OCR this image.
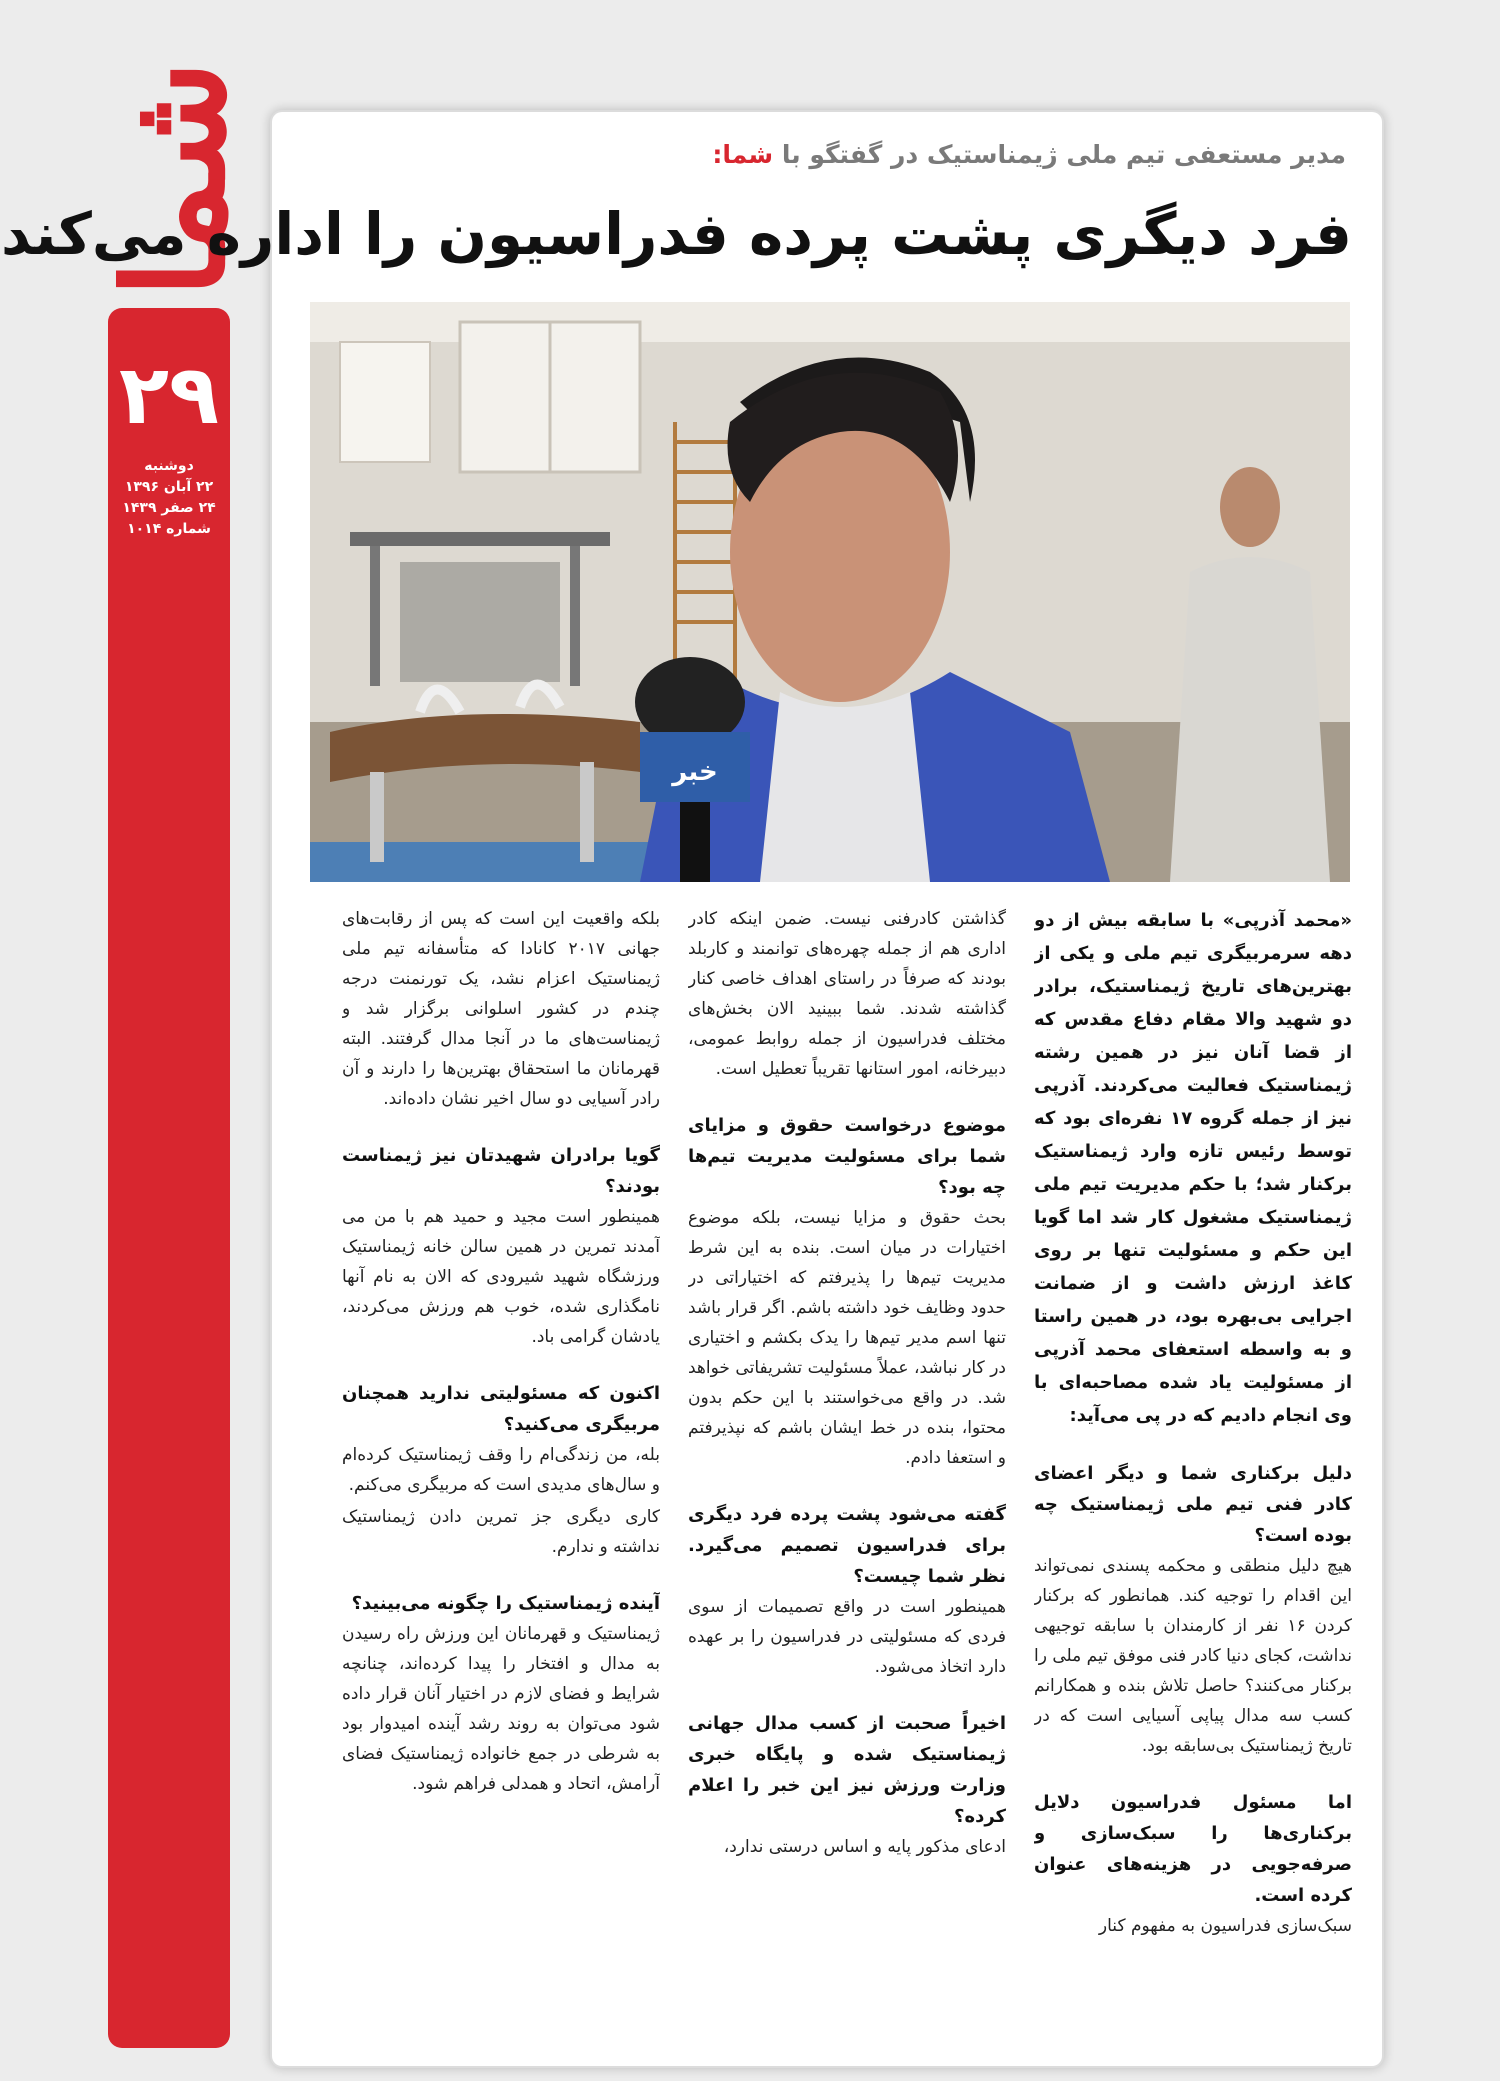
شما
۲۹
دوشنبه
۲۲ آبان ۱۳۹۶
۲۴ صفر ۱۴۳۹
شماره ۱۰۱۴
مدیر مستعفی تیم ملی ژیمناستیک در گفتگو با شما:
فرد دیگری پشت پرده فدراسیون را اداره می‌کند
خبر

«محمد آذرپی» با سابقه بیش از دو دهه سرمربیگری تیم ملی و یکی از بهترین‌های تاریخ ژیمناستیک، برادر دو شهید والا مقام دفاع مقدس که از قضا آنان نیز در همین رشته ژیمناستیک فعالیت می‌کردند. آذرپی نیز از جمله گروه ۱۷ نفره‌ای بود که توسط رئیس تازه وارد ژیمناستیک برکنار شد؛ با حکم مدیریت تیم ملی ژیمناستیک مشغول کار شد اما گویا این حکم و مسئولیت تنها بر روی کاغذ ارزش داشت و از ضمانت اجرایی بی‌بهره بود، در همین راستا و به واسطه استعفای محمد آذرپی از مسئولیت یاد شده مصاحبه‌ای با وی انجام دادیم که در پی می‌آید:

دلیل برکناری شما و دیگر اعضای کادر فنی تیم ملی ژیمناستیک چه بوده است؟

هیچ دلیل منطقی و محکمه پسندی نمی‌تواند این اقدام را توجیه کند. همانطور که برکنار کردن ۱۶ نفر از کارمندان با سابقه توجیهی نداشت، کجای دنیا کادر فنی موفق تیم ملی را برکنار می‌کنند؟ حاصل تلاش بنده و همکارانم کسب سه مدال پیاپی آسیایی است که در تاریخ ژیمناستیک بی‌سابقه بود.

اما مسئول فدراسیون دلایل برکناری‌ها را سبک‌سازی و صرفه‌جویی در هزینه‌های عنوان کرده است.

سبک‌سازی فدراسیون به مفهوم کنار

گذاشتن کادرفنی نیست. ضمن اینکه کادر اداری هم از جمله چهره‌های توانمند و کاربلد بودند که صرفاً در راستای اهداف خاصی کنار گذاشته شدند. شما ببینید الان بخش‌های مختلف فدراسیون از جمله روابط عمومی، دبیرخانه، امور استانها تقریباً تعطیل است.

موضوع درخواست حقوق و مزایای شما برای مسئولیت مدیریت تیم‌ها چه بود؟

بحث حقوق و مزایا نیست، بلکه موضوع اختیارات در میان است. بنده به این شرط مدیریت تیم‌ها را پذیرفتم که اختیاراتی در حدود وظایف خود داشته باشم. اگر قرار باشد تنها اسم مدیر تیم‌ها را یدک بکشم و اختیاری در کار نباشد، عملاً مسئولیت تشریفاتی خواهد شد. در واقع می‌خواستند با این حکم بدون محتوا، بنده در خط ایشان باشم که نپذیرفتم و استعفا دادم.

گفته می‌شود پشت پرده فرد دیگری برای فدراسیون تصمیم می‌گیرد. نظر شما چیست؟

همینطور است در واقع تصمیمات از سوی فردی که مسئولیتی در فدراسیون را بر عهده دارد اتخاذ می‌شود.

اخیراً صحبت از کسب مدال جهانی ژیمناستیک شده و پایگاه خبری وزارت ورزش نیز این خبر را اعلام کرده؟

ادعای مذکور پایه و اساس درستی ندارد،

بلکه واقعیت این است که پس از رقابت‌های جهانی ۲۰۱۷ کانادا که متأسفانه تیم ملی ژیمناستیک اعزام نشد، یک تورنمنت درجه چندم در کشور اسلوانی برگزار شد و ژیمناست‌های ما در آنجا مدال گرفتند. البته قهرمانان ما استحقاق بهترین‌ها را دارند و آن رادر آسیایی دو سال اخیر نشان داده‌اند.

گویا برادران شهیدتان نیز ژیمناست بودند؟

همینطور است مجید و حمید هم با من می آمدند تمرین در همین سالن خانه ژیمناستیک ورزشگاه شهید شیرودی که الان به نام آنها نامگذاری شده، خوب هم ورزش می‌کردند، یادشان گرامی باد.

اکنون که مسئولیتی ندارید همچنان مربیگری می‌کنید؟

بله، من زندگی‌ام را وقف ژیمناستیک کرده‌ام و سال‌های مدیدی است که مربیگری می‌کنم.

کاری دیگری جز تمرین دادن ژیمناستیک نداشته و ندارم.

آینده ژیمناستیک را چگونه می‌بینید؟

ژیمناستیک و قهرمانان این ورزش راه رسیدن به مدال و افتخار را پیدا کرده‌اند، چنانچه شرایط و فضای لازم در اختیار آنان قرار داده شود می‌توان به روند رشد آینده امیدوار بود به شرطی در جمع خانواده ژیمناستیک فضای آرامش، اتحاد و همدلی فراهم شود.
